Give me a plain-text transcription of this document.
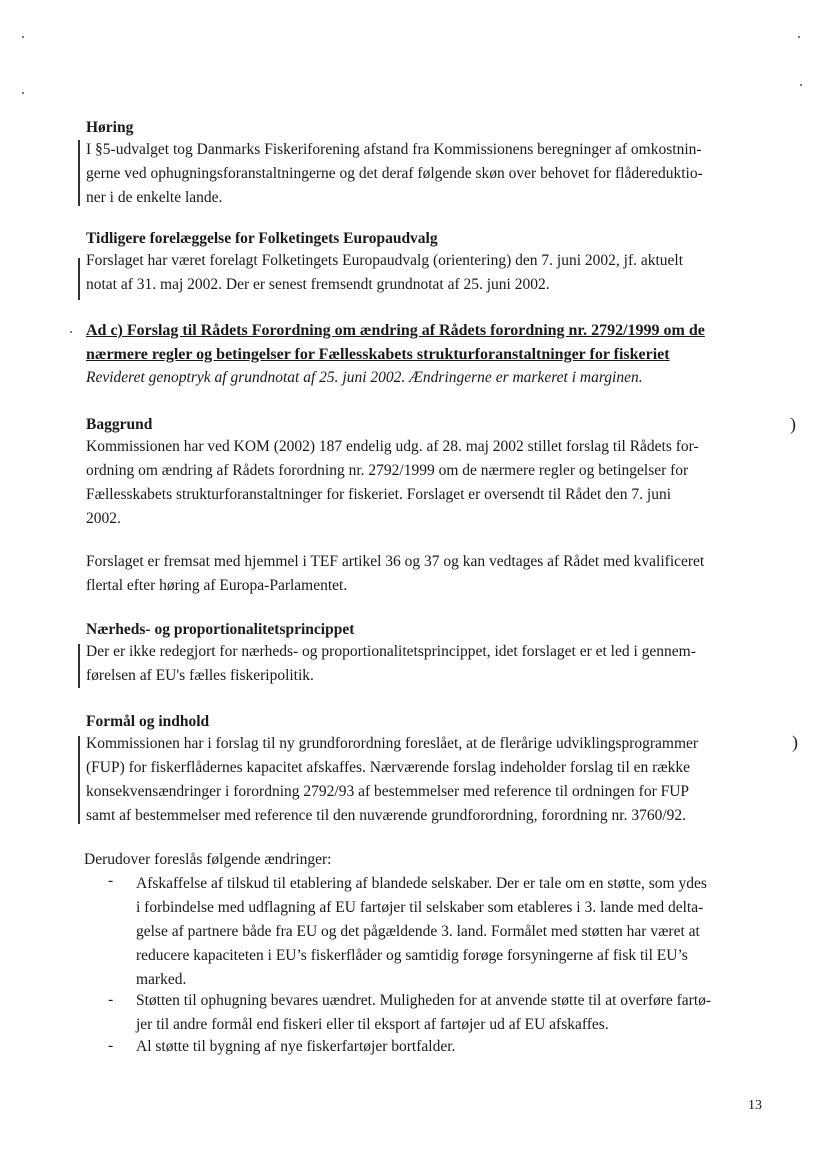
Høring

I §5-udvalget tog Danmarks Fiskeriforening afstand fra Kommissionens beregninger af omkostnin-

gerne ved ophugningsforanstaltningerne og det deraf følgende skøn over behovet for flådereduktio-

ner i de enkelte lande.

Tidligere forelæggelse for Folketingets Europaudvalg

Forslaget har været forelagt Folketingets Europaudvalg (orientering) den 7. juni 2002, jf. aktuelt

notat af 31. maj 2002. Der er senest fremsendt grundnotat af 25. juni 2002.

Ad c) Forslag til Rådets Forordning om ændring af Rådets forordning nr. 2792/1999 om de

nærmere regler og betingelser for Fællesskabets strukturforanstaltninger for fiskeriet

Revideret genoptryk af grundnotat af 25. juni 2002. Ændringerne er markeret i marginen.

Baggrund

Kommissionen har ved KOM (2002) 187 endelig udg. af 28. maj 2002 stillet forslag til Rådets for-

ordning om ændring af Rådets forordning nr. 2792/1999 om de nærmere regler og betingelser for

Fællesskabets strukturforanstaltninger for fiskeriet. Forslaget er oversendt til Rådet den 7. juni

2002.

)

Forslaget er fremsat med hjemmel i TEF artikel 36 og 37 og kan vedtages af Rådet med kvalificeret

flertal efter høring af Europa-Parlamentet.

Nærheds- og proportionalitetsprincippet

Der er ikke redegjort for nærheds- og proportionalitetsprincippet, idet forslaget er et led i gennem-

førelsen af EU's fælles fiskeripolitik.

Formål og indhold

Kommissionen har i forslag til ny grundforordning foreslået, at de flerårige udviklingsprogrammer

(FUP) for fiskerflådernes kapacitet afskaffes. Nærværende forslag indeholder forslag til en række

konsekvensændringer i forordning 2792/93 af bestemmelser med reference til ordningen for FUP

samt af bestemmelser med reference til den nuværende grundforordning, forordning nr. 3760/92.

)

Derudover foreslås følgende ændringer:

- Afskaffelse af tilskud til etablering af blandede selskaber. Der er tale om en støtte, som ydes

i forbindelse med udflagning af EU fartøjer til selskaber som etableres i 3. lande med delta-

gelse af partnere både fra EU og det pågældende 3. land. Formålet med støtten har været at

reducere kapaciteten i EU’s fiskerflåder og samtidig forøge forsyningerne af fisk til EU’s

marked.

- Støtten til ophugning bevares uændret. Muligheden for at anvende støtte til at overføre fartø-

jer til andre formål end fiskeri eller til eksport af fartøjer ud af EU afskaffes.

- Al støtte til bygning af nye fiskerfartøjer bortfalder.

13
